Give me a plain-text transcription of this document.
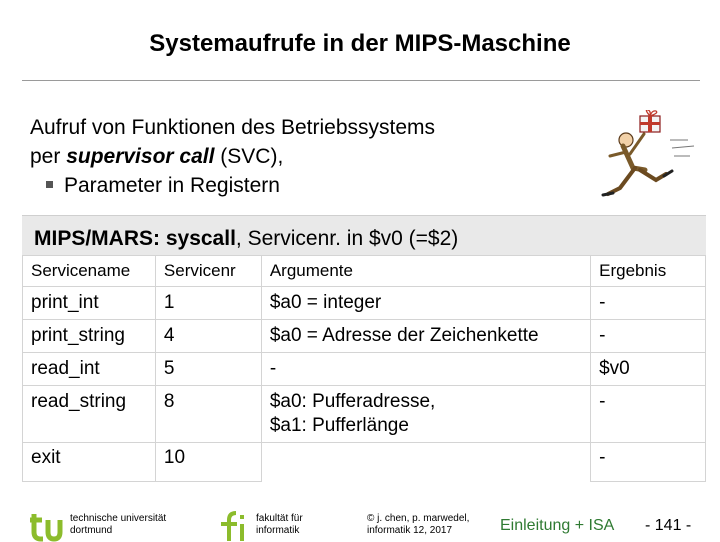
Systemaufrufe in der MIPS-Maschine
Aufruf von Funktionen des Betriebssystems
per supervisor call (SVC),
Parameter in Registern
MIPS/MARS: syscall, Servicenr. in $v0 (=$2)
Servicename	Servicenr	Argumente	Ergebnis
print_int	1	$a0 = integer	-
print_string	4	$a0 = Adresse der Zeichenkette	-
read_int	5	-	$v0
read_string	8	$a0: Pufferadresse,
$a1: Pufferlänge	-
exit	10		-
technische universität
dortmund
fakultät für
informatik
© j. chen, p. marwedel,
informatik 12, 2017	Einleitung + ISA - 141 -
